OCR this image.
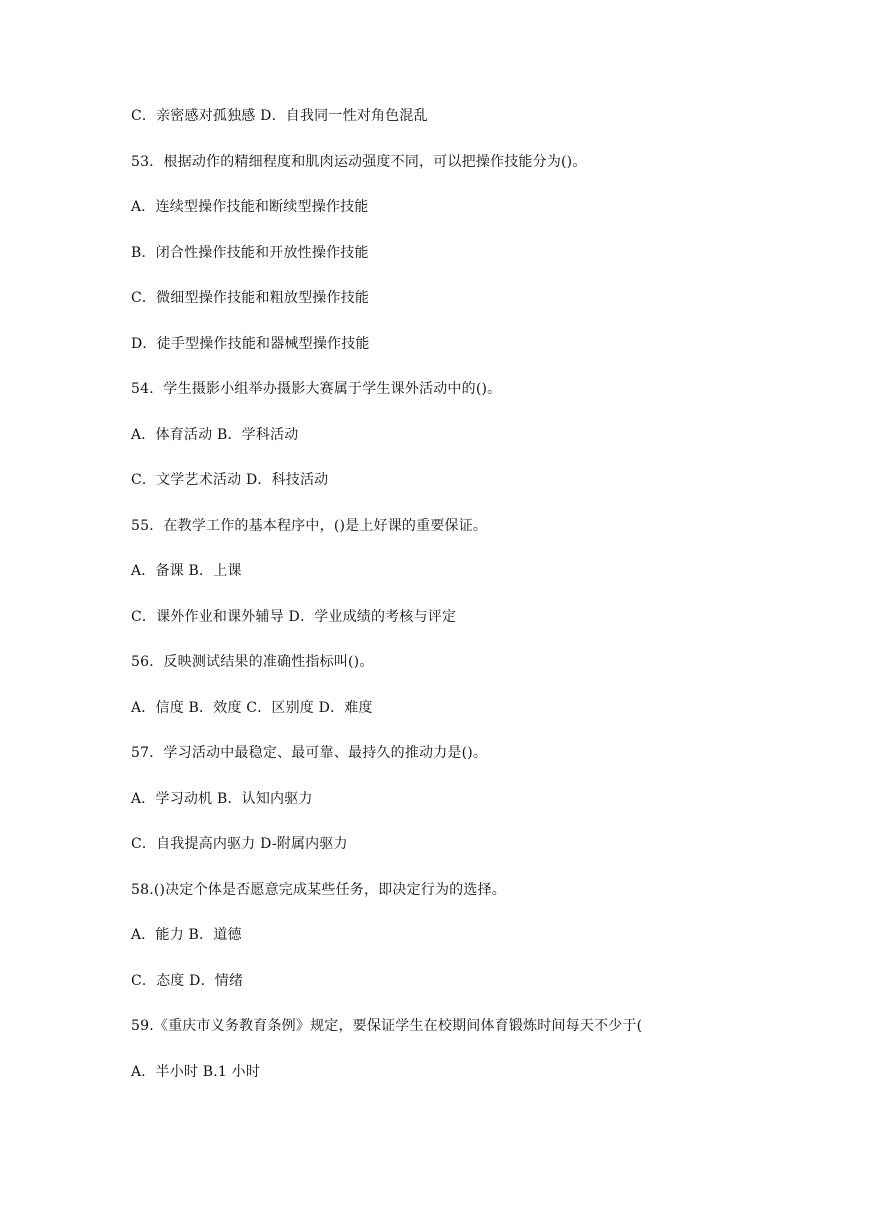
C．亲密感对孤独感 D．自我同一性对角色混乱
53．根据动作的精细程度和肌肉运动强度不同，可以把操作技能分为()。
A．连续型操作技能和断续型操作技能
B．闭合性操作技能和开放性操作技能
C．微细型操作技能和粗放型操作技能
D．徒手型操作技能和器械型操作技能
54．学生摄影小组举办摄影大赛属于学生课外活动中的()。
A．体育活动 B．学科活动
C．文学艺术活动 D．科技活动
55．在教学工作的基本程序中，()是上好课的重要保证。
A．备课 B．上课
C．课外作业和课外辅导 D．学业成绩的考核与评定
56．反映测试结果的准确性指标叫()。
A．信度 B．效度 C．区别度 D．难度
57．学习活动中最稳定、最可靠、最持久的推动力是()。
A．学习动机 B．认知内驱力
C．自我提高内驱力 D-附属内驱力
58.()决定个体是否愿意完成某些任务，即决定行为的选择。
A．能力 B．道德
C．态度 D．情绪
59.《重庆市义务教育条例》规定，要保证学生在校期间体育锻炼时间每天不少于(
A．半小时 B.1 小时
